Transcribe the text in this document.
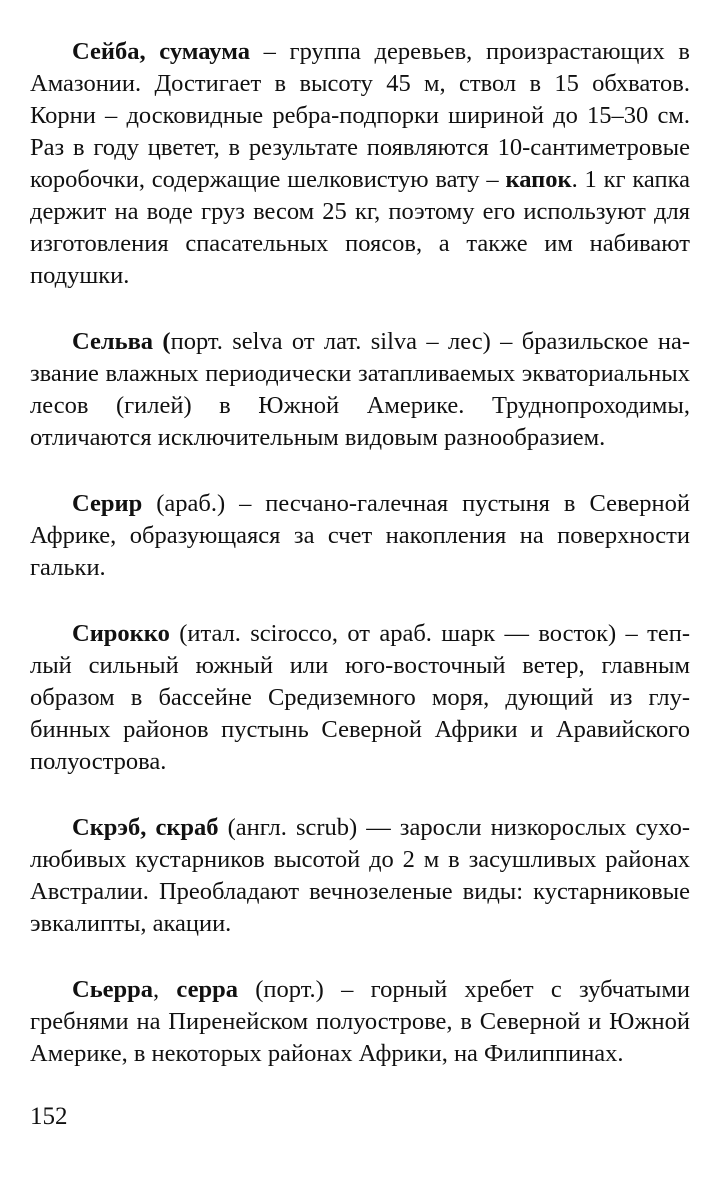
Сейба, сумаума – группа деревьев, произрастающих в Амазонии. Достигает в высоту 45 м, ствол в 15 обхватов. Корни – досковидные ребра-подпорки шириной до 15–30 см. Раз в году цветет, в результате появляются 10-сантиметровые коробочки, содержащие шелковистую вату – капок. 1 кг капка держит на воде груз весом 25 кг, поэтому его используют для изготовления спасательных поясов, а также им набивают подушки.

Сельва (порт. selva от лат. silva – лес) – бразильское название влажных периодически затапливаемых экваториальных лесов (гилей) в Южной Америке. Труднопроходимы, отличаются исключительным видовым разнообразием.

Серир (араб.) – песчано-галечная пустыня в Северной Африке, образующаяся за счет накопления на поверхности гальки.

Сирокко (итал. scirocco, от араб. шарк — восток) – теплый сильный южный или юго-восточный ветер, главным образом в бассейне Средиземного моря, дующий из глубинных районов пустынь Северной Африки и Аравийского полуострова.

Скрэб, скраб (англ. scrub) — заросли низкорослых сухолюбивых кустарников высотой до 2 м в засушливых районах Австралии. Преобладают вечнозеленые виды: кустарниковые эвкалипты, акации.

Сьерра, серра (порт.) – горный хребет с зубчатыми гребнями на Пиренейском полуострове, в Северной и Южной Америке, в некоторых районах Африки, на Филиппинах.

152
